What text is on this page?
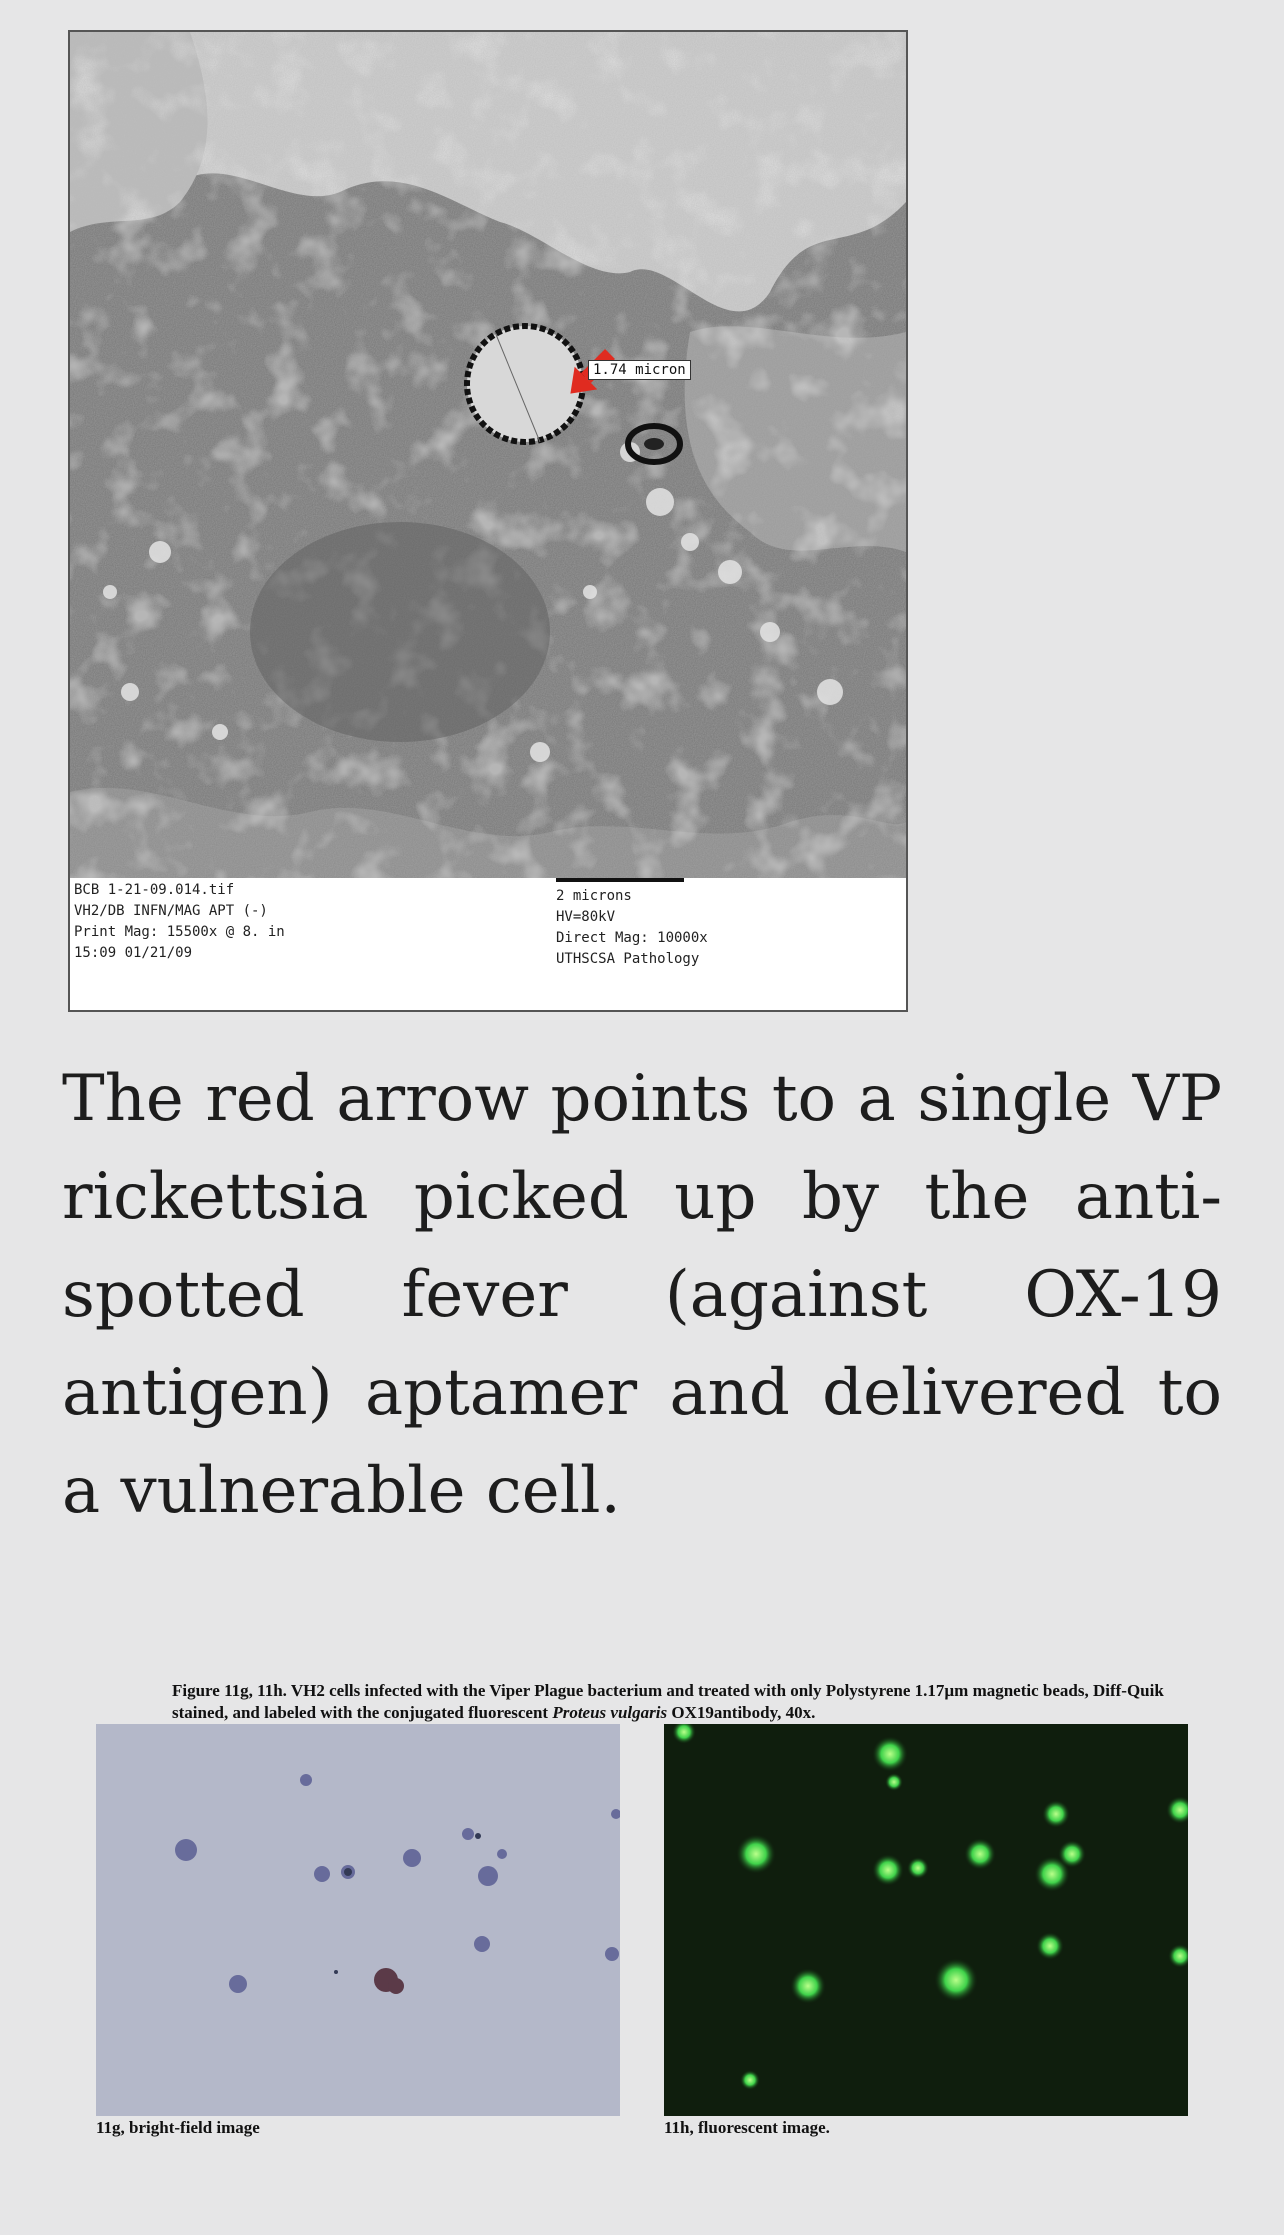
1.74 micron
BCB 1-21-09.014.tif
VH2/DB INFN/MAG APT (-)
Print Mag: 15500x @ 8. in
15:09 01/21/09
2 microns
HV=80kV
Direct Mag: 10000x
UTHSCSA Pathology

The red arrow points to a single VP rickettsia picked up by the anti-spotted fever (against OX-19 antigen) aptamer and delivered to a vulnerable cell.

Figure 11g, 11h. VH2 cells infected with the Viper Plague bacterium and treated with only Polystyrene 1.17µm magnetic beads, Diff-Quik stained, and labeled with the conjugated fluorescent Proteus vulgaris OX19antibody, 40x.
11g, bright-field image	11h, fluorescent image.
